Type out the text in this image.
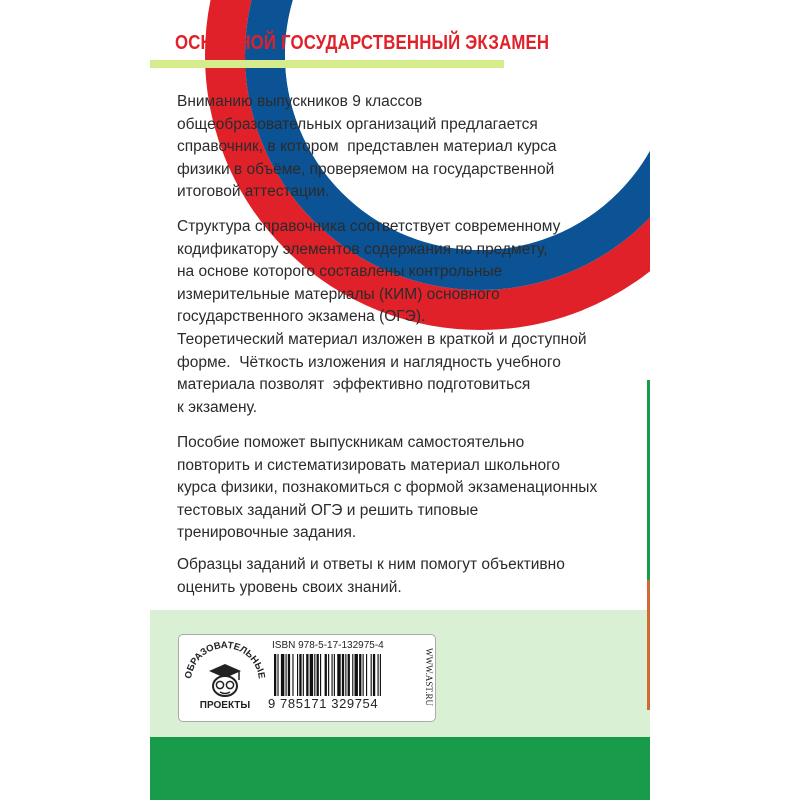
ОСНОВНОЙ ГОСУДАРСТВЕННЫЙ ЭКЗАМЕН

Вниманию выпускников 9 классов
общеобразовательных организаций предлагается
справочник, в котором  представлен материал курса
физики в объёме, проверяемом на государственной
итоговой аттестации.

Структура справочника соответствует современному
кодификатору элементов содержания по предмету,
на основе которого составлены контрольные
измерительные материалы (КИМ) основного
государственного экзамена (ОГЭ).

Теоретический материал изложен в краткой и доступной
форме.  Чёткость изложения и наглядность учебного
материала позволят  эффективно подготовиться
к экзамену.

Пособие поможет выпускникам самостоятельно
повторить и систематизировать материал школьного
курса физики, познакомиться с формой экзаменационных
тестовых заданий ОГЭ и решить типовые
тренировочные задания.

Образцы заданий и ответы к ним помогут объективно
оценить уровень своих знаний.

ОБРАЗОВАТЕЛЬНЫЕ
ПРОЕКТЫ
ISBN 978-5-17-132975-4
9 785171 329754	WWW.AST.RU
